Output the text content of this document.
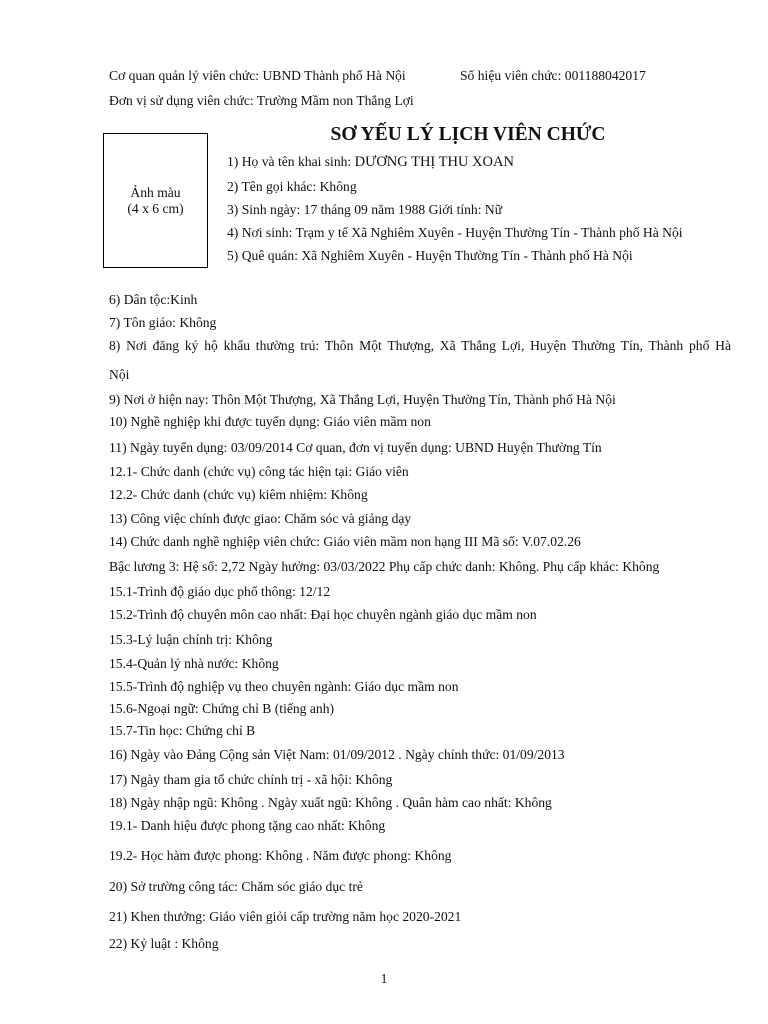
Cơ quan quản lý viên chức: UBND Thành phố Hà Nội	Số hiệu viên chức: 001188042017
Đơn vị sử dụng viên chức: Trường Mầm non Thắng Lợi
Ảnh màu
(4 x 6 cm)
SƠ YẾU LÝ LỊCH VIÊN CHỨC
1) Họ và tên khai sinh: DƯƠNG THỊ THU XOAN
2) Tên gọi khác: Không
3) Sinh ngày: 17 tháng 09 năm 1988 Giới tính: Nữ
4) Nơi sinh: Trạm y tế Xã Nghiêm Xuyên - Huyện Thường Tín - Thành phố Hà Nội
5) Quê quán: Xã Nghiêm Xuyên - Huyện Thường Tín - Thành phố Hà Nội
6) Dân tộc:Kinh
7) Tôn giáo: Không
8) Nơi đăng ký hộ khẩu thường trú: Thôn Một Thượng, Xã Thắng Lợi, Huyện Thường Tín, Thành phố Hà
Nội
9) Nơi ở hiện nay: Thôn Một Thượng, Xã Thắng Lợi, Huyện Thường Tín, Thành phố Hà Nội
10) Nghề nghiệp khi được tuyển dụng: Giáo viên mầm non
11) Ngày tuyển dụng: 03/09/2014 Cơ quan, đơn vị tuyển dụng: UBND Huyện Thường Tín
12.1- Chức danh (chức vụ) công tác hiện tại: Giáo viên
12.2- Chức danh (chức vụ) kiêm nhiệm: Không
13) Công việc chính được giao: Chăm sóc và giảng dạy
14) Chức danh nghề nghiệp viên chức: Giáo viên mầm non hạng III Mã số: V.07.02.26
Bậc lương 3: Hệ số: 2,72 Ngày hưởng: 03/03/2022 Phụ cấp chức danh: Không. Phụ cấp khác: Không
15.1-Trình độ giáo dục phổ thông: 12/12
15.2-Trình độ chuyên môn cao nhất: Đại học chuyên ngành giáo dục mầm non
15.3-Lý luận chính trị: Không
15.4-Quản lý nhà nước: Không
15.5-Trình độ nghiệp vụ theo chuyên ngành: Giáo dục mầm non
15.6-Ngoại ngữ: Chứng chỉ B (tiếng anh)
15.7-Tin học: Chứng chỉ B
16) Ngày vào Đảng Cộng sản Việt Nam: 01/09/2012 . Ngày chính thức: 01/09/2013
17) Ngày tham gia tổ chức chính trị - xã hội: Không
18) Ngày nhập ngũ: Không . Ngày xuất ngũ: Không . Quân hàm cao nhất: Không
19.1- Danh hiệu được phong tặng cao nhất: Không
19.2- Học hàm được phong: Không . Năm được phong: Không
20) Sở trường công tác: Chăm sóc giáo dục trẻ
21) Khen thưởng: Giáo viên giỏi cấp trường năm học 2020-2021
22) Kỷ luật : Không
1
